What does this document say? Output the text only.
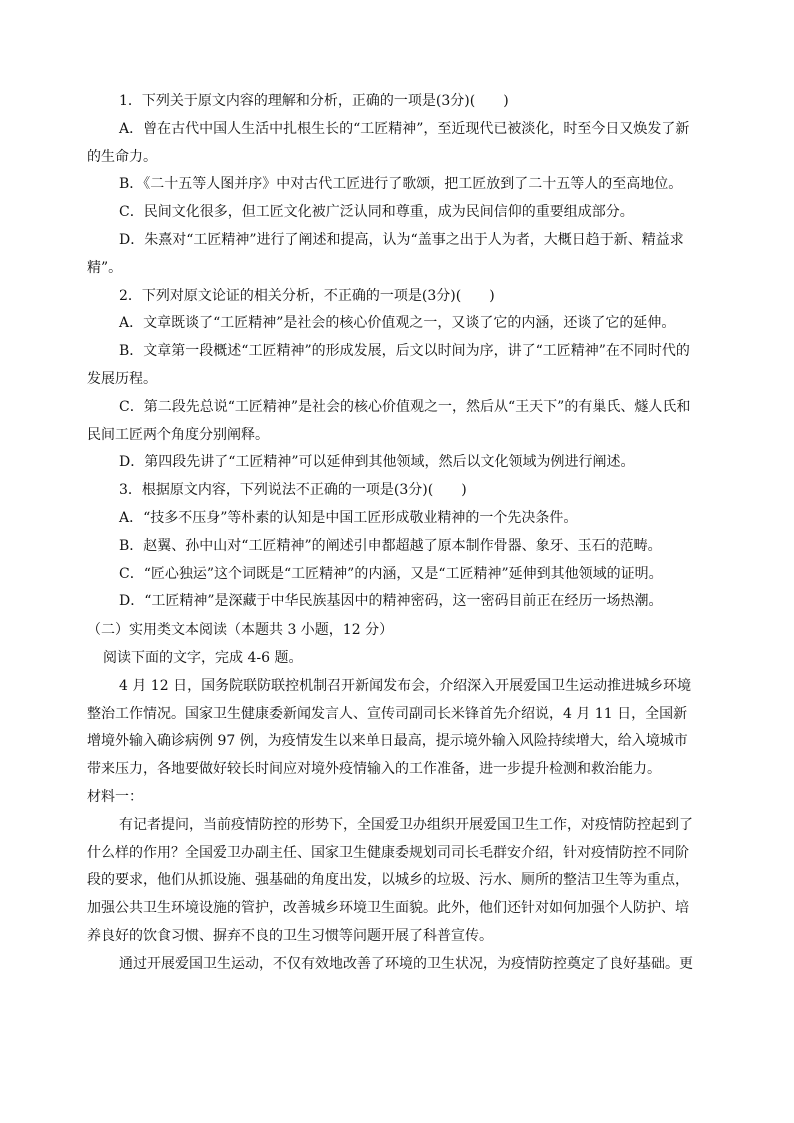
1．下列关于原文内容的理解和分析，正确的一项是(3分)(　　)

A．曾在古代中国人生活中扎根生长的“工匠精神”，至近现代已被淡化，时至今日又焕发了新的生命力。

B．《二十五等人图并序》中对古代工匠进行了歌颂，把工匠放到了二十五等人的至高地位。

C．民间文化很多，但工匠文化被广泛认同和尊重，成为民间信仰的重要组成部分。

D．朱熹对“工匠精神”进行了阐述和提高，认为“盖事之出于人为者，大概日趋于新、精益求精”。

2．下列对原文论证的相关分析，不正确的一项是(3分)(　　)

A．文章既谈了“工匠精神”是社会的核心价值观之一，又谈了它的内涵，还谈了它的延伸。

B．文章第一段概述“工匠精神”的形成发展，后文以时间为序，讲了“工匠精神”在不同时代的发展历程。

C．第二段先总说“工匠精神”是社会的核心价值观之一，然后从“王天下”的有巢氏、燧人氏和民间工匠两个角度分别阐释。

D．第四段先讲了“工匠精神”可以延伸到其他领域，然后以文化领域为例进行阐述。

3．根据原文内容，下列说法不正确的一项是(3分)(　　)

A．“技多不压身”等朴素的认知是中国工匠形成敬业精神的一个先决条件。

B．赵翼、孙中山对“工匠精神”的阐述引申都超越了原本制作骨器、象牙、玉石的范畴。

C．“匠心独运”这个词既是“工匠精神”的内涵，又是“工匠精神”延伸到其他领域的证明。

D．“工匠精神”是深藏于中华民族基因中的精神密码，这一密码目前正在经历一场热潮。

（二）实用类文本阅读（本题共 3 小题，12 分）

阅读下面的文字，完成 4-6 题。

4 月 12 日，国务院联防联控机制召开新闻发布会，介绍深入开展爱国卫生运动推进城乡环境整治工作情况。国家卫生健康委新闻发言人、宣传司副司长米锋首先介绍说，4 月 11 日，全国新增境外输入确诊病例 97 例，为疫情发生以来单日最高，提示境外输入风险持续增大，给入境城市带来压力，各地要做好较长时间应对境外疫情输入的工作准备，进一步提升检测和救治能力。

材料一：

有记者提问，当前疫情防控的形势下，全国爱卫办组织开展爱国卫生工作，对疫情防控起到了什么样的作用？全国爱卫办副主任、国家卫生健康委规划司司长毛群安介绍，针对疫情防控不同阶段的要求，他们从抓设施、强基础的角度出发，以城乡的垃圾、污水、厕所的整洁卫生等为重点，加强公共卫生环境设施的管护，改善城乡环境卫生面貌。此外，他们还针对如何加强个人防护、培养良好的饮食习惯、摒弃不良的卫生习惯等问题开展了科普宣传。

通过开展爱国卫生运动，不仅有效地改善了环境的卫生状况，为疫情防控奠定了良好基础。更
